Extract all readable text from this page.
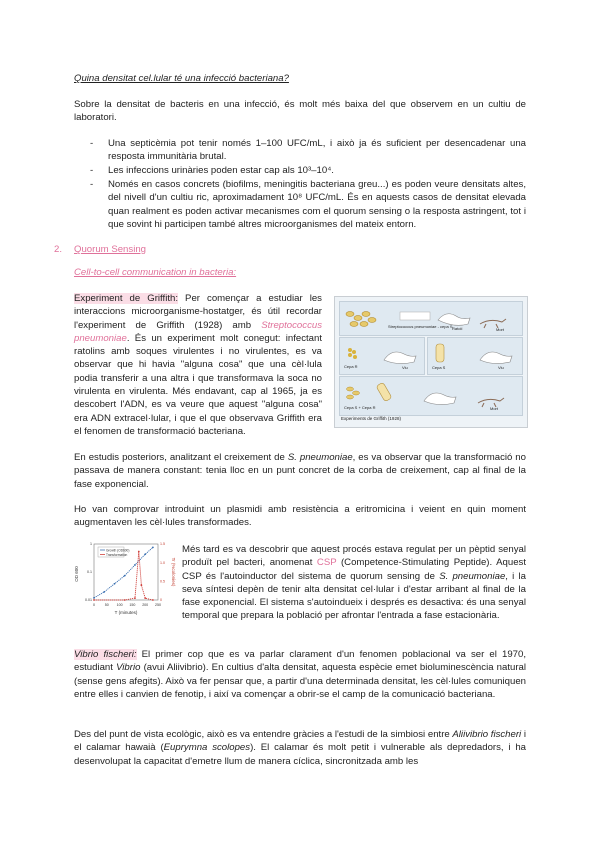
Quina densitat cel.lular té una infecció bacteriana?
Sobre la densitat de bacteris en una infecció, és molt més baixa del que observem en un cultiu de laboratori.
- Una septicèmia pot tenir només 1–100 UFC/mL, i això ja és suficient per desencadenar una resposta immunitària brutal.
- Les infeccions urinàries poden estar cap als 10³–10⁴.
- Només en casos concrets (biofilms, meningitis bacteriana greu...) es poden veure densitats altes, del nivell d'un cultiu ric, aproximadament 10⁸ UFC/mL. És en aquests casos de densitat elevada quan realment es poden activar mecanismes com el quorum sensing o la resposta astringent, tot i que sovint hi participen també altres microorganismes del mateix entorn.
2. Quorum Sensing
Cell-to-cell communication in bacteria:
Experiment de Griffith: Per començar a estudiar les interaccions microorganisme-hostatger, és útil recordar l'experiment de Griffith (1928) amb Streptococcus pneumoniae. És un experiment molt conegut: infectant ratolins amb soques virulentes i no virulentes, es va observar que hi havia "alguna cosa" que una cèl·lula podia transferir a una altra i que transformava la soca no virulenta en virulenta. Més endavant, cap al 1965, ja es descobert l'ADN, es va veure que aquest "alguna cosa" era ADN extracel·lular, i que el que observava Griffith era el fenomen de transformació bacteriana.
Streptococcus pneumoniae - cepa S Ratolí	Mort
Cepa R	Viu	Cepa S	Viu
Cepa S + Cepa R	Mort
Experiments de Griffith (1928)
En estudis posteriors, analitzant el creixement de S. pneumoniae, es va observar que la transformació no passava de manera constant: tenia lloc en un punt concret de la corba de creixement, cap al final de la fase exponencial.
Ho van comprovar introduint un plasmidi amb resistència a eritromicina i veient en quin moment augmentaven les cèl·lules transformades.
0	50 100 150 200 250
0.01
0.1
1
0
0.5
1.0
1.5
T (minutes)
OD 600	Tr (%colonies)
Growth (OD600)
Transformation	Més tard es va descobrir que aquest procés estava regulat per un pèptid senyal produït pel bacteri, anomenat CSP (Competence-Stimulating Peptide). Aquest CSP és l'autoinductor del sistema de quorum sensing de S. pneumoniae, i la seva síntesi depèn de tenir alta densitat cel·lular i d'estar arribant al final de la fase exponencial. El sistema s'autoindueix i després es desactiva: és una senyal temporal que prepara la població per afrontar l'entrada a fase estacionària.
Vibrio fischeri: El primer cop que es va parlar clarament d'un fenomen poblacional va ser el 1970, estudiant Vibrio (avui Aliivibrio). En cultius d'alta densitat, aquesta espècie emet bioluminescència natural (sense gens afegits). Això va fer pensar que, a partir d'una determinada densitat, les cèl·lules comuniquen entre elles i canvien de fenotip, i així va començar a obrir-se el camp de la comunicació bacteriana.
Des del punt de vista ecològic, això es va entendre gràcies a l'estudi de la simbiosi entre Aliivibrio fischeri i el calamar hawaià (Euprymna scolopes). El calamar és molt petit i vulnerable als depredadors, i ha desenvolupat la capacitat d'emetre llum de manera cíclica, sincronitzada amb les
